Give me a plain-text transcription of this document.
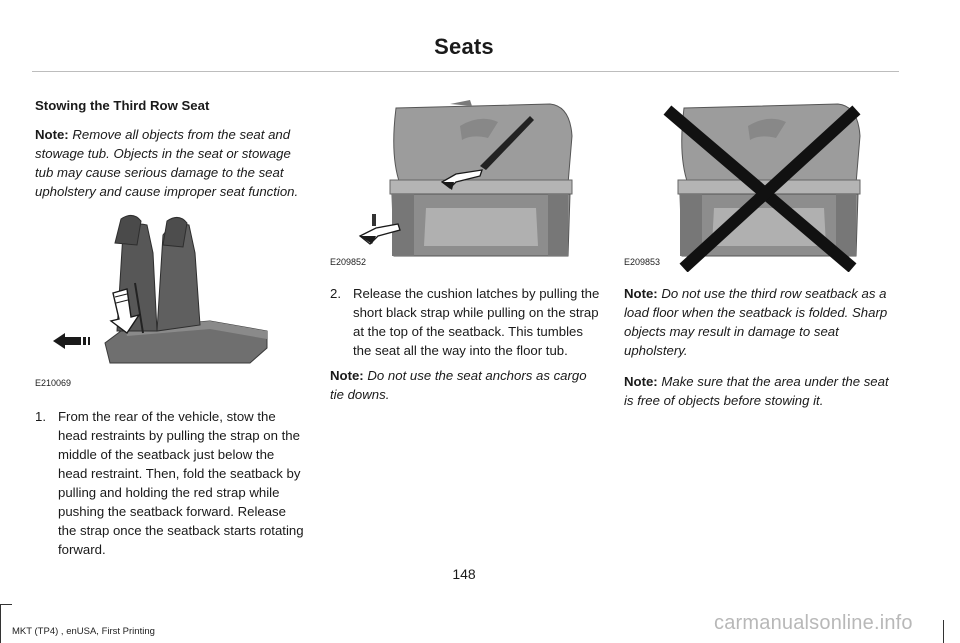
Seats
Stowing the Third Row Seat

Note: Remove all objects from the seat and stowage tub. Objects in the seat or stowage tub may cause serious damage to the seat upholstery and cause improper seat function.

E210069
1. From the rear of the vehicle, stow the head restraints by pulling the strap on the middle of the seatback just below the head restraint. Then, fold the seatback by pulling and holding the red strap while pushing the seatback forward. Release the strap once the seatback starts rotating forward.
E209852
2. Release the cushion latches by pulling the short black strap while pulling on the strap at the top of the seatback. This tumbles the seat all the way into the floor tub.

Note: Do not use the seat anchors as cargo tie downs.

E209853

Note: Do not use the third row seatback as a load floor when the seatback is folded. Sharp objects may result in damage to seat upholstery.

Note: Make sure that the area under the seat is free of objects before stowing it.

148
MKT (TP4) , enUSA, First Printing	carmanualsonline.info
